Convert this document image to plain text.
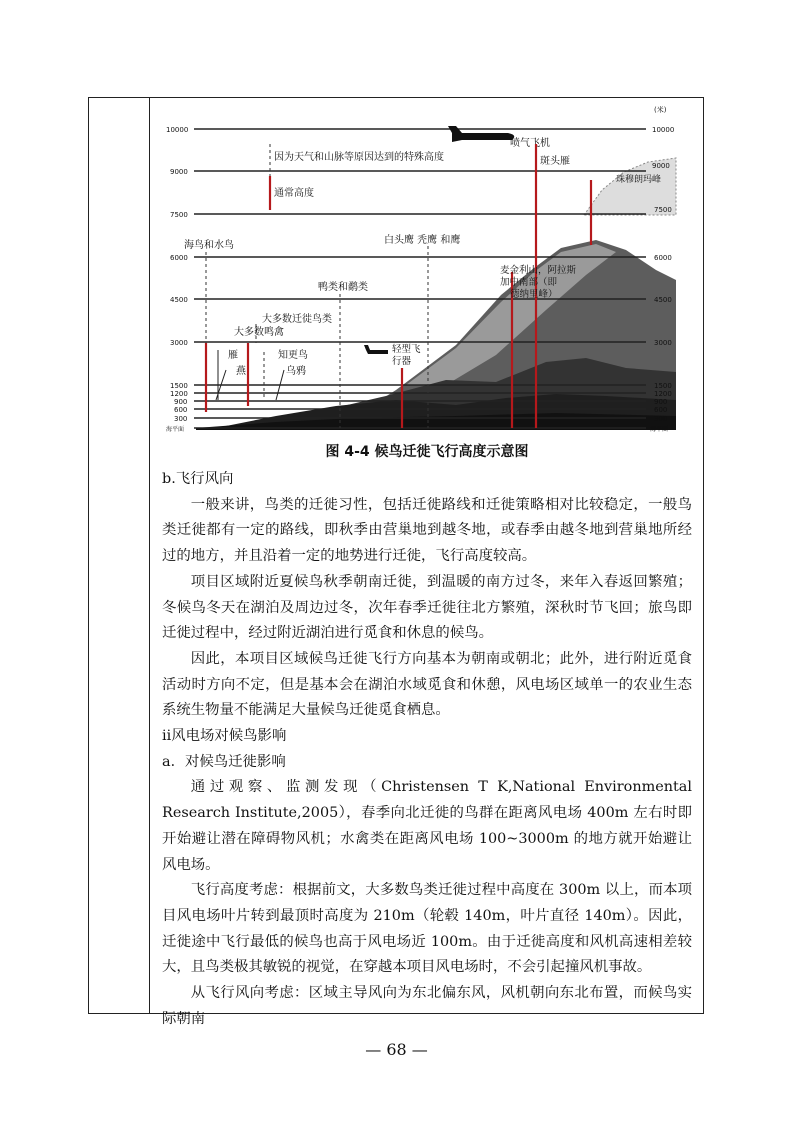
10000
9000
7500
6000
4500
3000
1500
1200
900
600
300
海平面
(米)
10000
9000
7500
6000
4500
3000
1500
1200
900
600
300
海平面
喷气飞机
轻型飞
行器
因为天气和山脉等原因达到的特殊高度	斑头雁
珠穆朗玛峰
通常高度
白头鹰 秃鹰 和鹰
海鸟和水鸟
鸭类和鹬类
大多数迁徙鸟类
大多数鸣禽
雁
燕
知更鸟
乌鸦
麦金利山，阿拉斯
加中南部（即
德纳里峰）
图 4-4 候鸟迁徙飞行高度示意图

b.飞行风向

一般来讲，鸟类的迁徙习性，包括迁徙路线和迁徙策略相对比较稳定，一般鸟类迁徙都有一定的路线，即秋季由营巢地到越冬地，或春季由越冬地到营巢地所经过的地方，并且沿着一定的地势进行迁徙，飞行高度较高。

项目区域附近夏候鸟秋季朝南迁徙，到温暖的南方过冬，来年入春返回繁殖；冬候鸟冬天在湖泊及周边过冬，次年春季迁徙往北方繁殖，深秋时节飞回；旅鸟即迁徙过程中，经过附近湖泊进行觅食和休息的候鸟。

因此，本项目区域候鸟迁徙飞行方向基本为朝南或朝北；此外，进行附近觅食活动时方向不定，但是基本会在湖泊水域觅食和休憩，风电场区域单一的农业生态系统生物量不能满足大量候鸟迁徙觅食栖息。

ⅱ风电场对候鸟影响

a．对候鸟迁徙影响

通过观察、监测发现（Christensen T K,National Environmental Research Institute,2005），春季向北迁徙的鸟群在距离风电场 400m 左右时即开始避让潜在障碍物风机；水禽类在距离风电场 100~3000m 的地方就开始避让风电场。

飞行高度考虑：根据前文，大多数鸟类迁徙过程中高度在 300m 以上，而本项目风电场叶片转到最顶时高度为 210m（轮毂 140m，叶片直径 140m）。因此，迁徙途中飞行最低的候鸟也高于风电场近 100m。由于迁徙高度和风机高速相差较大，且鸟类极其敏锐的视觉，在穿越本项目风电场时，不会引起撞风机事故。

从飞行风向考虑：区域主导风向为东北偏东风，风机朝向东北布置，而候鸟实际朝南

— 68 —
